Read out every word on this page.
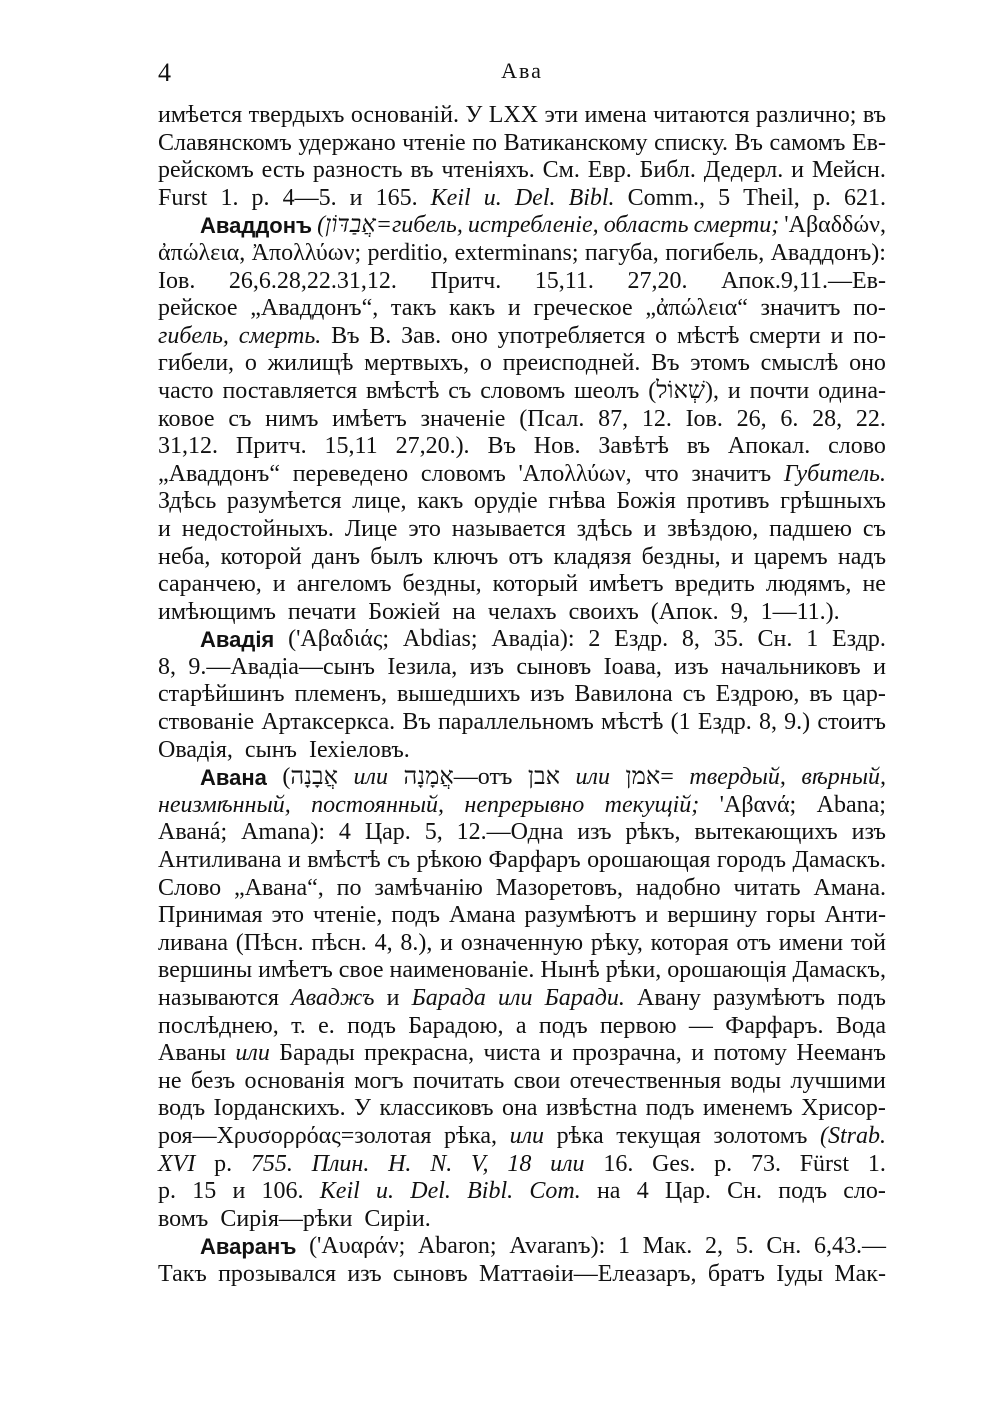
4	Ава
имѣется твердыхъ основаній. У LXX эти имена читаются различно; въ
Славянскомъ удержано чтеніе по Ватиканскому списку. Въ самомъ Ев-
рейскомъ есть разность въ чтеніяхъ. См. Евр. Библ. Дедерл. и Мейсн.
Furst 1. p. 4—5. и 165. Keil u. Del. Bibl. Comm., 5 Theil, p. 621.
Аваддонъ (אֲבַדּוֹן=гибель, истребленіе, область смерти; 'Αβαδδών,
ἀπώλεια, Ἀπολλύων; perditio, exterminans; пагуба, погибель, Аваддонъ):
Іов. 26,6.28,22.31,12. Притч. 15,11. 27,20. Апок.9,11.—Ев-
рейское „Аваддонъ“, такъ какъ и греческое „ἀπώλεια“ значитъ по-
гибель, смерть. Въ В. Зав. оно употребляется о мѣстѣ смерти и по-
гибели, о жилищѣ мертвыхъ, о преисподней. Въ этомъ смыслѣ оно
часто поставляется вмѣстѣ съ словомъ шеолъ (שְׁאוֹל), и почти одина-
ковое съ нимъ имѣетъ значеніе (Псал. 87, 12. Іов. 26, 6. 28, 22.
31,12. Притч. 15,11 27,20.). Въ Нов. Завѣтѣ въ Апокал. слово
„Аваддонъ“ переведено словомъ 'Απολλύων, что значитъ Губитель.
Здѣсь разумѣется лице, какъ орудіе гнѣва Божія противъ грѣшныхъ
и недостойныхъ. Лице это называется здѣсь и звѣздою, падшею съ
неба, которой данъ былъ ключъ отъ кладязя бездны, и царемъ надъ
саранчею, и ангеломъ бездны, который имѣетъ вредить людямъ, не
имѣющимъ печати Божіей на челахъ своихъ (Апок. 9, 1—11.).
Авадія ('Αβαδιάς; Abdias; Авадіа): 2 Ездр. 8, 35. Сн. 1 Ездр.
8, 9.—Авадіа—сынъ Іезила, изъ сыновъ Іоава, изъ начальниковъ и
старѣйшинъ племенъ, вышедшихъ изъ Вавилона съ Ездрою, въ цар-
ствованіе Артаксеркса. Въ параллельномъ мѣстѣ (1 Ездр. 8, 9.) стоитъ
Овадія, сынъ Іехіеловъ.
Авана (אֲבָנָה или אֲמָנָה—отъ אבן или אמן= твердый, вѣрный,
неизмѣнный, постоянный, непрерывно текущій; 'Αβανά; Abana;
Аванá; Amana): 4 Цар. 5, 12.—Одна изъ рѣкъ, вытекающихъ изъ
Антиливана и вмѣстѣ съ рѣкою Фарфаръ орошающая городъ Дамаскъ.
Слово „Авана“, по замѣчанію Мазоретовъ, надобно читать Амана.
Принимая это чтеніе, подъ Амана разумѣютъ и вершину горы Анти-
ливана (Пѣсн. пѣсн. 4, 8.), и означенную рѣку, которая отъ имени той
вершины имѣетъ свое наименованіе. Нынѣ рѣки, орошающія Дамаскъ,
называются Аваджъ и Барада или Баради. Авану разумѣютъ подъ
послѣднею, т. е. подъ Барадою, а подъ первою — Фарфаръ. Вода
Аваны или Барады прекрасна, чиста и прозрачна, и потому Нееманъ
не безъ основанія могъ почитать свои отечественныя воды лучшими
водъ Іорданскихъ. У классиковъ она извѣстна подъ именемъ Хрисор-
роя—Χρυσορρόας=золотая рѣка, или рѣка текущая золотомъ (Strab.
XVI p. 755. Плин. H. N. V, 18 или 16. Ges. p. 73. Fürst 1.
p. 15 и 106. Keil u. Del. Bibl. Com. на 4 Цар. Сн. подъ сло-
вомъ Сирія—рѣки Сиріи.
Аваранъ ('Αυαράν; Abaron; Avaranъ): 1 Мак. 2, 5. Сн. 6,43.—
Такъ прозывался изъ сыновъ Маттаѳіи—Елеазаръ, братъ Іуды Мак-
